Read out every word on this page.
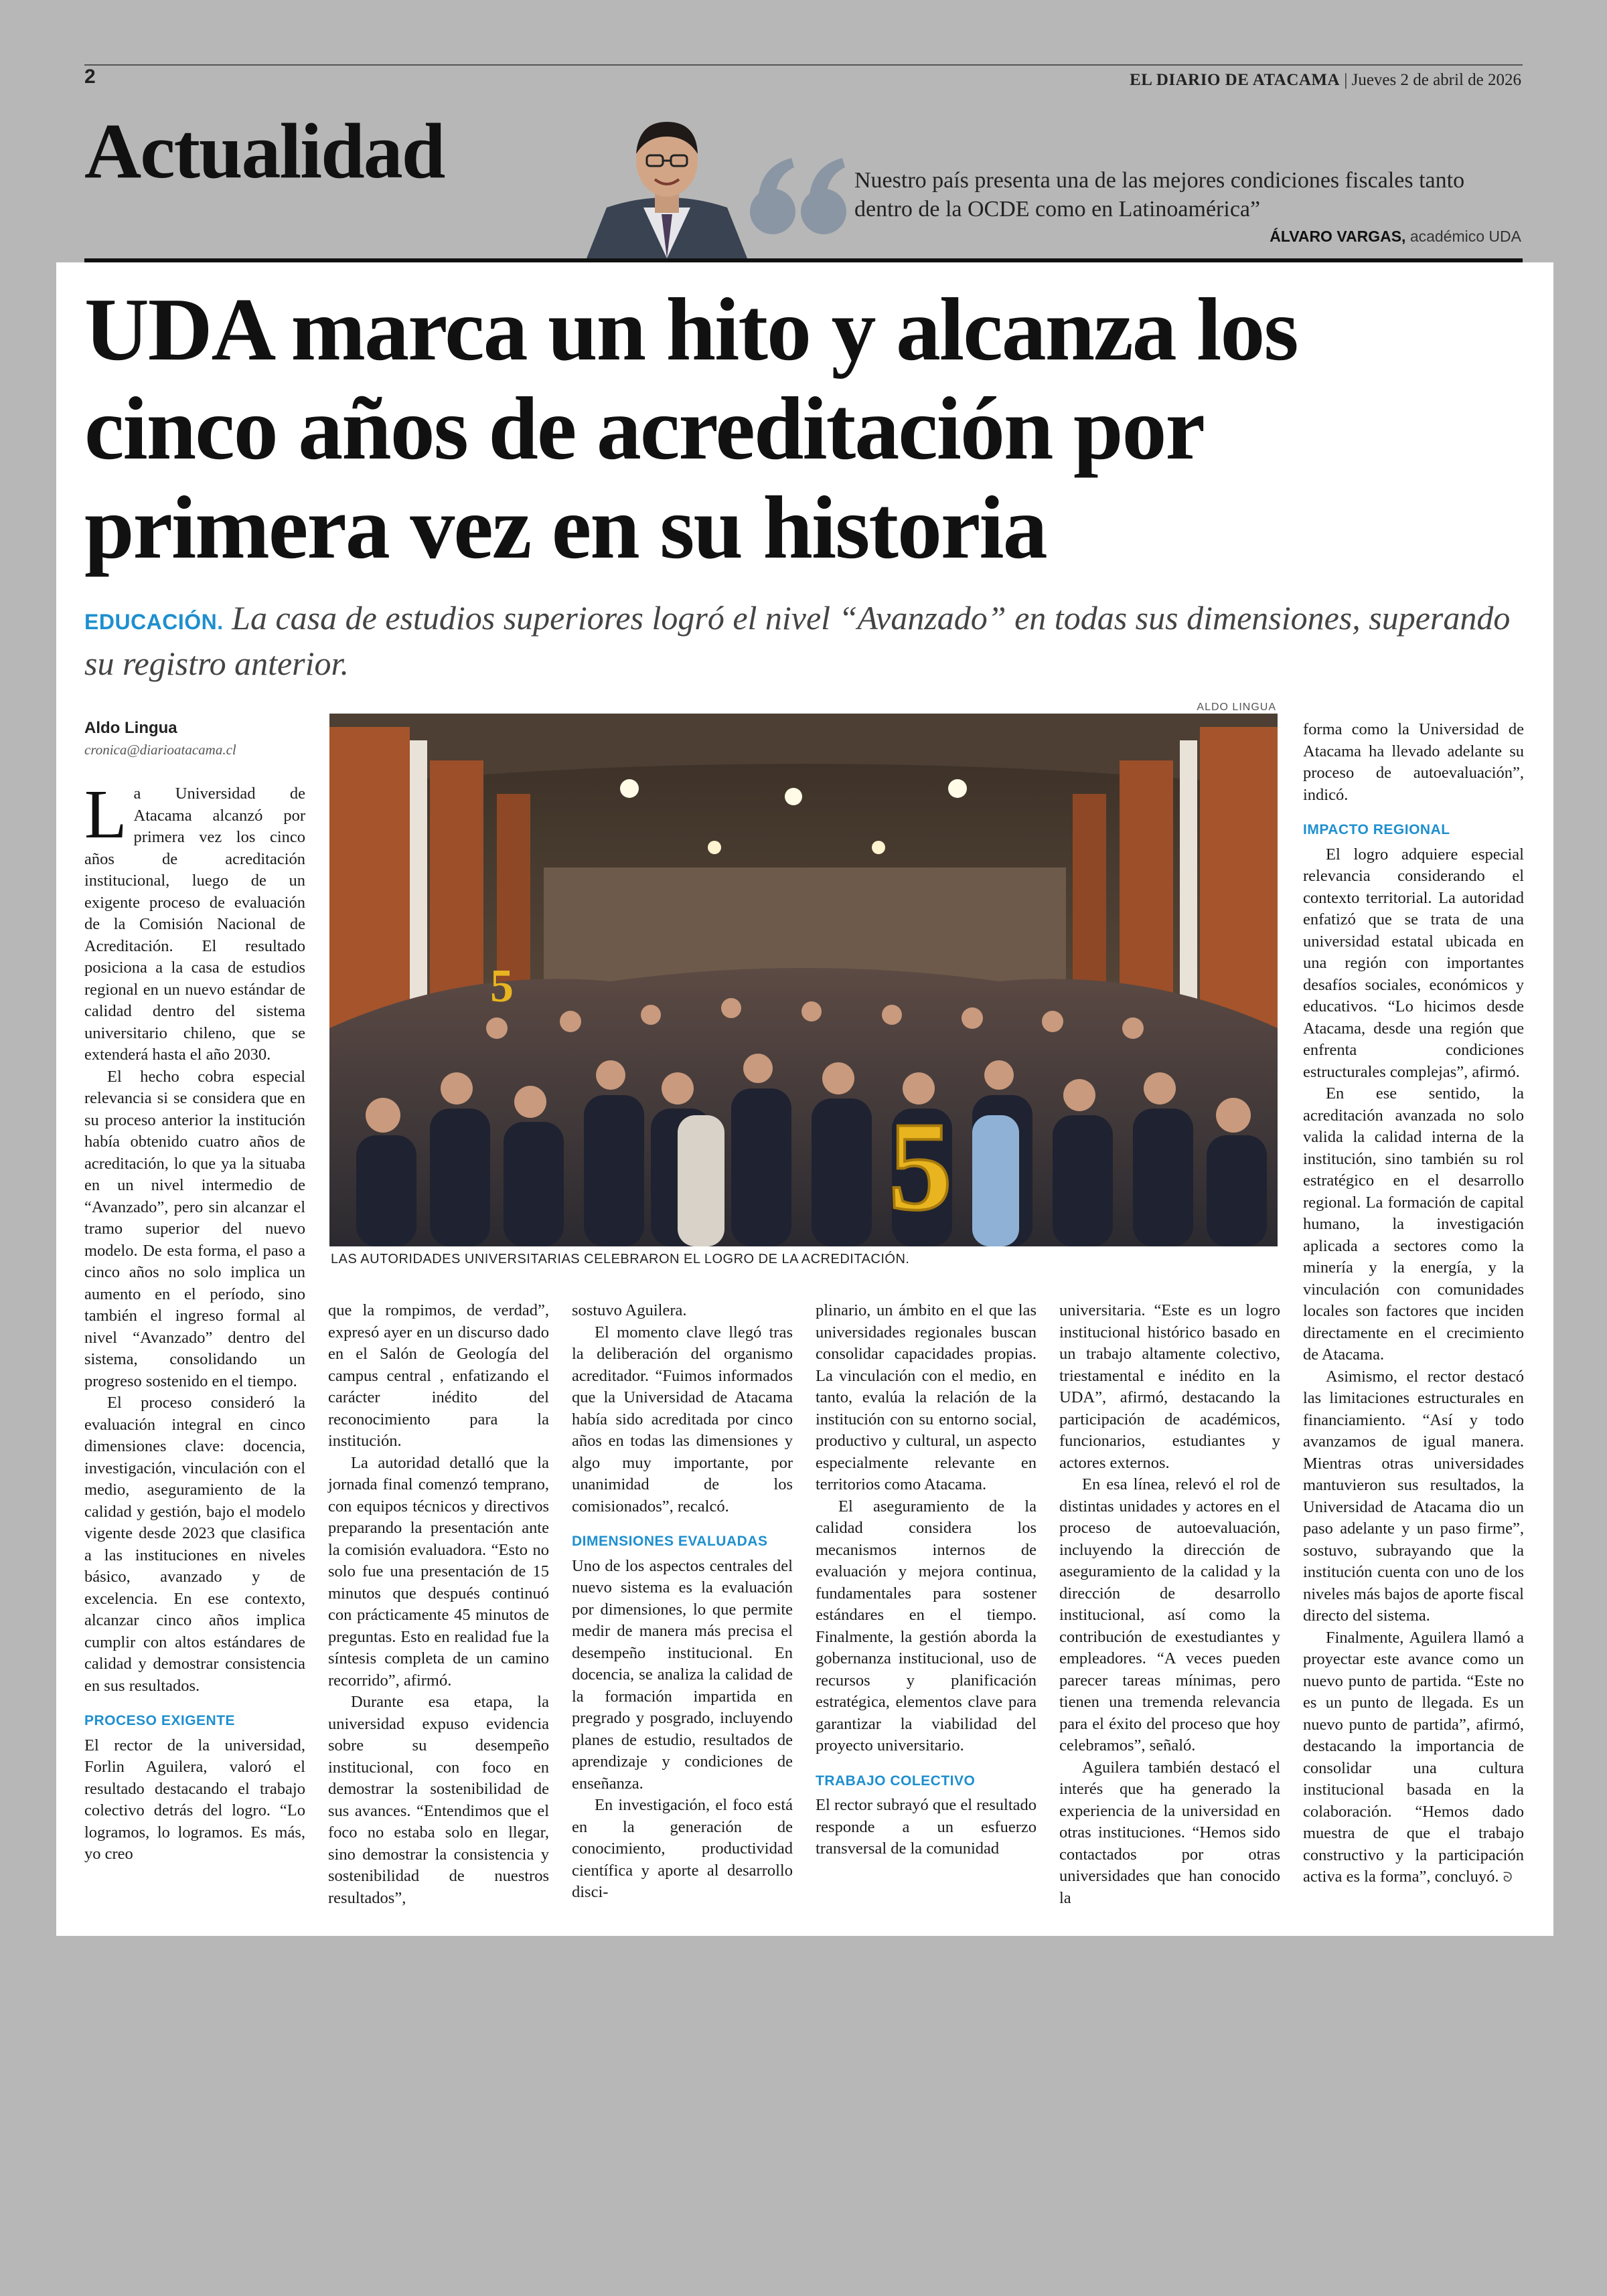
2	EL DIARIO DE ATACAMA | Jueves 2 de abril de 2026
Actualidad	Nuestro país presenta una de las mejores condiciones fiscales tanto dentro de la OCDE como en Latinoamérica”
ÁLVARO VARGAS, académico UDA
UDA marca un hito y alcanza los cinco años de acreditación por primera vez en su historia
EDUCACIÓN. La casa de estudios superiores logró el nivel “Avanzado” en todas sus dimensiones, superando su registro anterior.
Aldo Lingua
cronica@diarioatacama.cl
ALDO LINGUA
5
5
LAS AUTORIDADES UNIVERSITARIAS CELEBRARON EL LOGRO DE LA ACREDITACIÓN.

La Universidad de Atacama alcanzó por primera vez los cinco años de acreditación institucional, luego de un exigente proceso de evaluación de la Comisión Nacional de Acreditación. El resultado posiciona a la casa de estudios regional en un nuevo estándar de calidad dentro del sistema universitario chileno, que se extenderá hasta el año 2030.

El hecho cobra especial relevancia si se considera que en su proceso anterior la institución había obtenido cuatro años de acreditación, lo que ya la situaba en un nivel intermedio de “Avanzado”, pero sin alcanzar el tramo superior del nuevo modelo. De esta forma, el paso a cinco años no solo implica un aumento en el período, sino también el ingreso formal al nivel “Avanzado” dentro del sistema, consolidando un progreso sostenido en el tiempo.

El proceso consideró la evaluación integral en cinco dimensiones clave: docencia, investigación, vinculación con el medio, aseguramiento de la calidad y gestión, bajo el modelo vigente desde 2023 que clasifica a las instituciones en niveles básico, avanzado y de excelencia. En ese contexto, alcanzar cinco años implica cumplir con altos estándares de calidad y demostrar consistencia en sus resultados.

PROCESO EXIGENTE

El rector de la universidad, Forlin Aguilera, valoró el resultado destacando el trabajo colectivo detrás del logro. “Lo logramos, lo logramos. Es más, yo creo

que la rompimos, de verdad”, expresó ayer en un discurso dado en el Salón de Geología del campus central , enfatizando el carácter inédito del reconocimiento para la institución.

La autoridad detalló que la jornada final comenzó temprano, con equipos técnicos y directivos preparando la presentación ante la comisión evaluadora. “Esto no solo fue una presentación de 15 minutos que después continuó con prácticamente 45 minutos de preguntas. Esto en realidad fue la síntesis completa de un camino recorrido”, afirmó.

Durante esa etapa, la universidad expuso evidencia sobre su desempeño institucional, con foco en demostrar la sostenibilidad de sus avances. “Entendimos que el foco no estaba solo en llegar, sino demostrar la consistencia y sostenibilidad de nuestros resultados”,

sostuvo Aguilera.

El momento clave llegó tras la deliberación del organismo acreditador. “Fuimos informados que la Universidad de Atacama había sido acreditada por cinco años en todas las dimensiones y algo muy importante, por unanimidad de los comisionados”, recalcó.

DIMENSIONES EVALUADAS

Uno de los aspectos centrales del nuevo sistema es la evaluación por dimensiones, lo que permite medir de manera más precisa el desempeño institucional. En docencia, se analiza la calidad de la formación impartida en pregrado y posgrado, incluyendo planes de estudio, resultados de aprendizaje y condiciones de enseñanza.

En investigación, el foco está en la generación de conocimiento, productividad científica y aporte al desarrollo disci-

plinario, un ámbito en el que las universidades regionales buscan consolidar capacidades propias. La vinculación con el medio, en tanto, evalúa la relación de la institución con su entorno social, productivo y cultural, un aspecto especialmente relevante en territorios como Atacama.

El aseguramiento de la calidad considera los mecanismos internos de evaluación y mejora continua, fundamentales para sostener estándares en el tiempo. Finalmente, la gestión aborda la gobernanza institucional, uso de recursos y planificación estratégica, elementos clave para garantizar la viabilidad del proyecto universitario.

TRABAJO COLECTIVO

El rector subrayó que el resultado responde a un esfuerzo transversal de la comunidad

universitaria. “Este es un logro institucional histórico basado en un trabajo altamente colectivo, triestamental e inédito en la UDA”, afirmó, destacando la participación de académicos, funcionarios, estudiantes y actores externos.

En esa línea, relevó el rol de distintas unidades y actores en el proceso de autoevaluación, incluyendo la dirección de aseguramiento de la calidad y la dirección de desarrollo institucional, así como la contribución de exestudiantes y empleadores. “A veces pueden parecer tareas mínimas, pero tienen una tremenda relevancia para el éxito del proceso que hoy celebramos”, señaló.

Aguilera también destacó el interés que ha generado la experiencia de la universidad en otras instituciones. “Hemos sido contactados por otras universidades que han conocido la

forma como la Universidad de Atacama ha llevado adelante su proceso de autoevaluación”, indicó.

IMPACTO REGIONAL

El logro adquiere especial relevancia considerando el contexto territorial. La autoridad enfatizó que se trata de una universidad estatal ubicada en una región con importantes desafíos sociales, económicos y educativos. “Lo hicimos desde Atacama, desde una región que enfrenta condiciones estructurales complejas”, afirmó.

En ese sentido, la acreditación avanzada no solo valida la calidad interna de la institución, sino también su rol estratégico en el desarrollo regional. La formación de capital humano, la investigación aplicada a sectores como la minería y la energía, y la vinculación con comunidades locales son factores que inciden directamente en el crecimiento de Atacama.

Asimismo, el rector destacó las limitaciones estructurales en financiamiento. “Así y todo avanzamos de igual manera. Mientras otras universidades mantuvieron sus resultados, la Universidad de Atacama dio un paso adelante y un paso firme”, sostuvo, subrayando que la institución cuenta con uno de los niveles más bajos de aporte fiscal directo del sistema.

Finalmente, Aguilera llamó a proyectar este avance como un nuevo punto de partida. “Este no es un punto de llegada. Es un nuevo punto de partida”, afirmó, destacando la importancia de consolidar una cultura institucional basada en la colaboración. “Hemos dado muestra de que el trabajo constructivo y la participación activa es la forma”, concluyó. ᘐ
